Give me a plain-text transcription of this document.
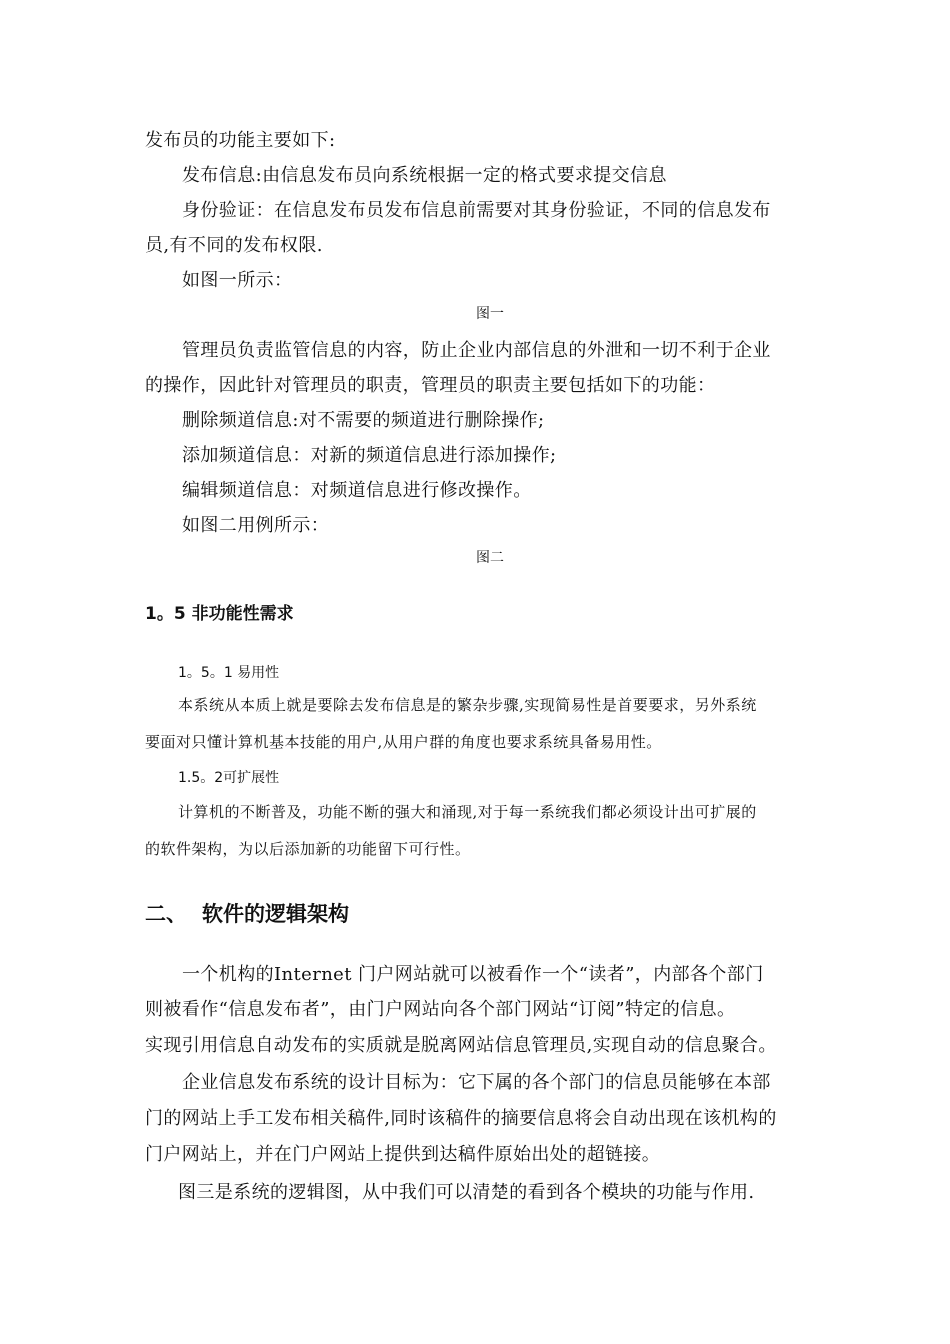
发布员的功能主要如下:
发布信息:由信息发布员向系统根据一定的格式要求提交信息
身份验证：在信息发布员发布信息前需要对其身份验证，不同的信息发布
员,有不同的发布权限.
如图一所示：
图一
管理员负责监管信息的内容，防止企业内部信息的外泄和一切不利于企业
的操作，因此针对管理员的职责，管理员的职责主要包括如下的功能：
删除频道信息:对不需要的频道进行删除操作;
添加频道信息：对新的频道信息进行添加操作;
编辑频道信息：对频道信息进行修改操作。
如图二用例所示：
图二
1。5 非功能性需求
1。5。1 易用性
本系统从本质上就是要除去发布信息是的繁杂步骤,实现简易性是首要要求，另外系统
要面对只懂计算机基本技能的用户,从用户群的角度也要求系统具备易用性。
1.5。2可扩展性
计算机的不断普及，功能不断的强大和涌现,对于每一系统我们都必须设计出可扩展的
的软件架构，为以后添加新的功能留下可行性。
二、 软件的逻辑架构
一个机构的Internet 门户网站就可以被看作一个“读者”，内部各个部门
则被看作“信息发布者”，由门户网站向各个部门网站“订阅”特定的信息。
实现引用信息自动发布的实质就是脱离网站信息管理员,实现自动的信息聚合。
企业信息发布系统的设计目标为：它下属的各个部门的信息员能够在本部
门的网站上手工发布相关稿件,同时该稿件的摘要信息将会自动出现在该机构的
门户网站上，并在门户网站上提供到达稿件原始出处的超链接。
图三是系统的逻辑图，从中我们可以清楚的看到各个模块的功能与作用.
